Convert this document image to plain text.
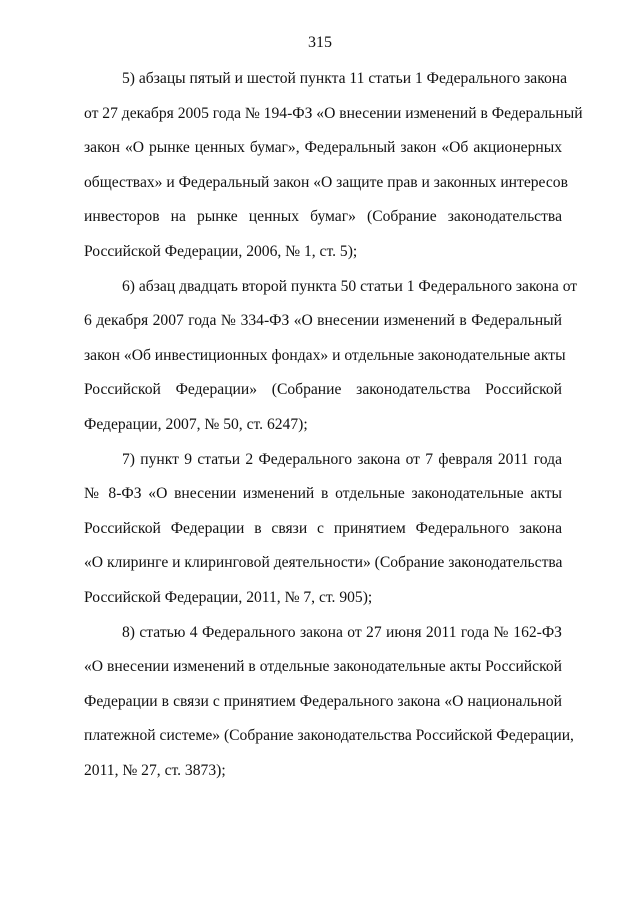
315
5) абзацы пятый и шестой пункта 11 статьи 1 Федерального закона
от 27 декабря 2005 года № 194-ФЗ «О внесении изменений в Федеральный
закон «О рынке ценных бумаг», Федеральный закон «Об акционерных
обществах» и Федеральный закон «О защите прав и законных интересов
инвесторов на рынке ценных бумаг» (Собрание законодательства
Российской Федерации, 2006, № 1, ст. 5);
6) абзац двадцать второй пункта 50 статьи 1 Федерального закона от
6 декабря 2007 года № 334-ФЗ «О внесении изменений в Федеральный
закон «Об инвестиционных фондах» и отдельные законодательные акты
Российской Федерации» (Собрание законодательства Российской
Федерации, 2007, № 50, ст. 6247);
7) пункт 9 статьи 2 Федерального закона от 7 февраля 2011 года
№ 8-ФЗ «О внесении изменений в отдельные законодательные акты
Российской Федерации в связи с принятием Федерального закона
«О клиринге и клиринговой деятельности» (Собрание законодательства
Российской Федерации, 2011, № 7, ст. 905);
8) статью 4 Федерального закона от 27 июня 2011 года № 162-ФЗ
«О внесении изменений в отдельные законодательные акты Российской
Федерации в связи с принятием Федерального закона «О национальной
платежной системе» (Собрание законодательства Российской Федерации,
2011, № 27, ст. 3873);
